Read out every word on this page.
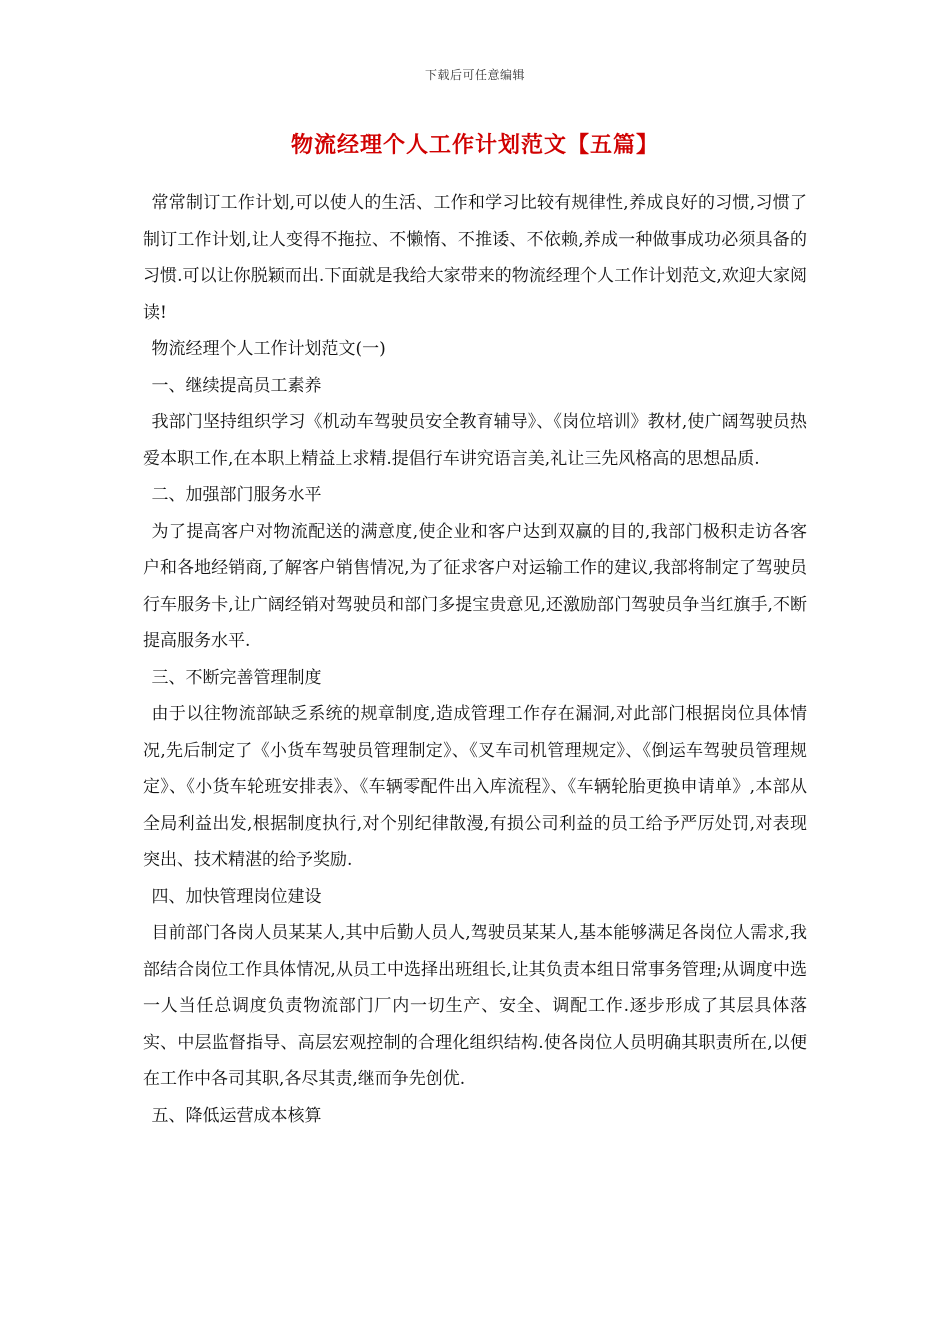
下载后可任意编辑
物流经理个人工作计划范文【五篇】

常常制订工作计划,可以使人的生活、工作和学习比较有规律性,养成良好的习惯,习惯了制订工作计划,让人变得不拖拉、不懒惰、不推诿、不依赖,养成一种做事成功必须具备的习惯.可以让你脱颖而出.下面就是我给大家带来的物流经理个人工作计划范文,欢迎大家阅读!

物流经理个人工作计划范文(一)

一、继续提高员工素养

我部门坚持组织学习《机动车驾驶员安全教育辅导》、《岗位培训》教材,使广阔驾驶员热爱本职工作,在本职上精益上求精.提倡行车讲究语言美,礼让三先风格高的思想品质.

二、加强部门服务水平

为了提高客户对物流配送的满意度,使企业和客户达到双赢的目的,我部门极积走访各客户和各地经销商,了解客户销售情况,为了征求客户对运输工作的建议,我部将制定了驾驶员行车服务卡,让广阔经销对驾驶员和部门多提宝贵意见,还激励部门驾驶员争当红旗手,不断提高服务水平.

三、不断完善管理制度

由于以往物流部缺乏系统的规章制度,造成管理工作存在漏洞,对此部门根据岗位具体情况,先后制定了《小货车驾驶员管理制定》、《叉车司机管理规定》、《倒运车驾驶员管理规定》、《小货车轮班安排表》、《车辆零配件出入库流程》、《车辆轮胎更换申请单》,本部从全局利益出发,根据制度执行,对个别纪律散漫,有损公司利益的员工给予严厉处罚,对表现突出、技术精湛的给予奖励.

四、加快管理岗位建设

目前部门各岗人员某某人,其中后勤人员人,驾驶员某某人,基本能够满足各岗位人需求,我部结合岗位工作具体情况,从员工中选择出班组长,让其负责本组日常事务管理;从调度中选一人当任总调度负责物流部门厂内一切生产、安全、调配工作.逐步形成了其层具体落实、中层监督指导、高层宏观控制的合理化组织结构.使各岗位人员明确其职责所在,以便在工作中各司其职,各尽其责,继而争先创优.

五、降低运营成本核算
